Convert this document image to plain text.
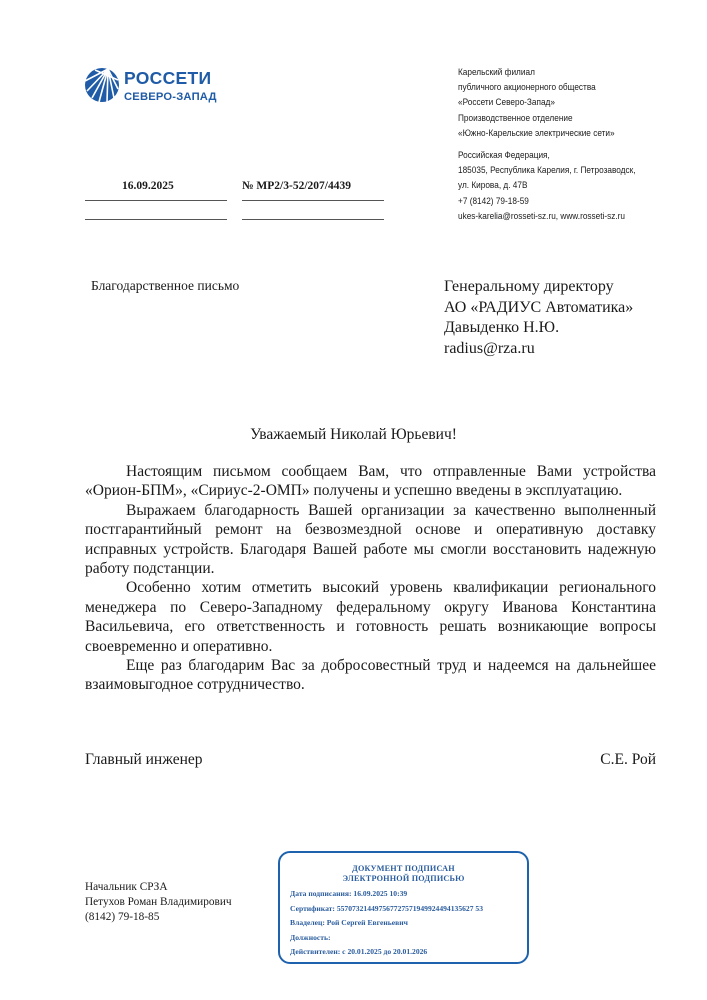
РОССЕТИ
СЕВЕРО-ЗАПАД
Карельский филиал
публичного акционерного общества
«Россети Северо-Запад»
Производственное отделение
«Южно-Карельские электрические сети»
Российская Федерация,
185035, Республика Карелия, г. Петрозаводск,
ул. Кирова, д. 47В
+7 (8142) 79-18-59
ukes-karelia@rosseti-sz.ru, www.rosseti-sz.ru
16.09.2025	№ МР2/3-52/207/4439
Благодарственное письмо	Генеральному директору
АО «РАДИУС Автоматика»
Давыденко Н.Ю.
radius@rza.ru
Уважаемый Николай Юрьевич!

Настоящим письмом сообщаем Вам, что отправленные Вами устройства «Орион-БПМ», «Сириус-2-ОМП» получены и успешно введены в эксплуатацию.

Выражаем благодарность Вашей организации за качественно выполненный постгарантийный ремонт на безвозмездной основе и оперативную доставку исправных устройств. Благодаря Вашей работе мы смогли восстановить надежную работу подстанции.

Особенно хотим отметить высокий уровень квалификации регионального менеджера по Северо-Западному федеральному округу Иванова Константина Васильевича, его ответственность и готовность решать возникающие вопросы своевременно и оперативно.

Еще раз благодарим Вас за добросовестный труд и надеемся на дальнейшее взаимовыгодное сотрудничество.

Главный инженер	С.Е. Рой
Начальник СРЗА
Петухов Роман Владимирович
(8142) 79-18-85
ДОКУМЕНТ ПОДПИСАН
ЭЛЕКТРОННОЙ ПОДПИСЬЮ
Дата подписания: 16.09.2025 10:39
Сертификат: 557073214497567727571949924494135627 53
Владелец: Рой Сергей Евгеньевич
Должность:
Действителен: с 20.01.2025 до 20.01.2026
